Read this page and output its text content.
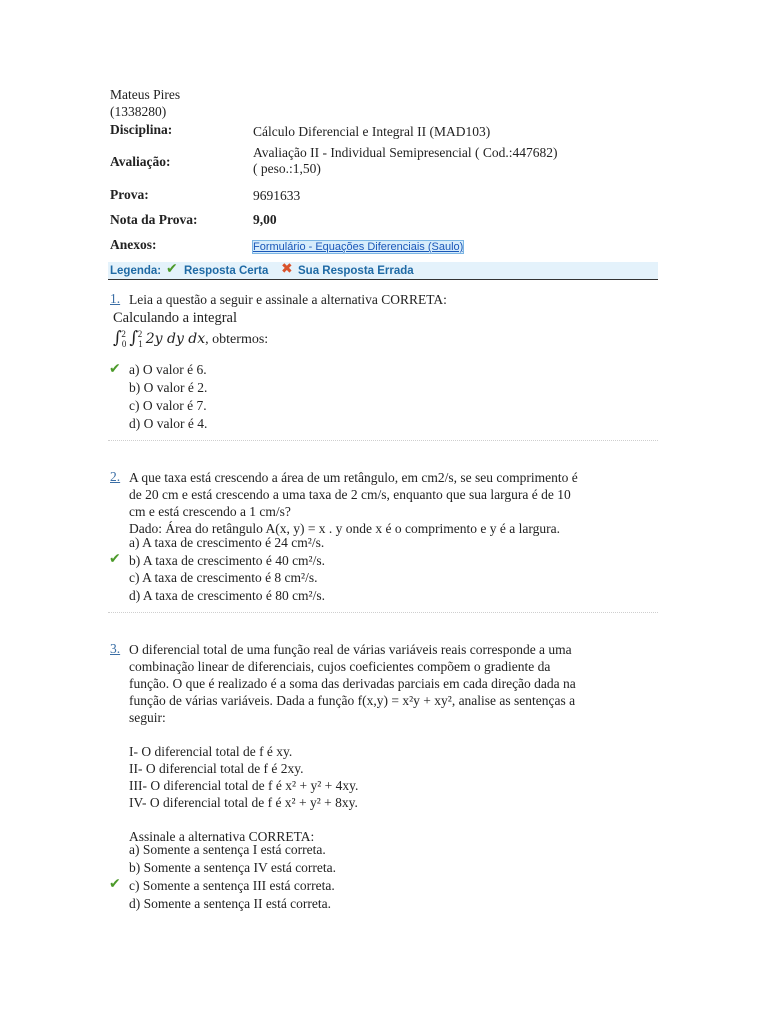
Mateus Pires
(1338280)
Disciplina:	Cálculo Diferencial e Integral II (MAD103)
Avaliação:
Avaliação II - Individual Semipresencial ( Cod.:447682)
( peso.:1,50)
Prova:	9691633
Nota da Prova:	9,00
Anexos:	Formulário - Equações Diferenciais (Saulo)
Legenda: ✔ Resposta Certa ✖ Sua Resposta Errada
1. Leia a questão a seguir e assinale a alternativa CORRETA:
Calculando a integral
$\int_0^2$ $\int_1^2$ 2y dy dx, obtermos:
✔ a) O valor é 6.
b) O valor é 2.
c) O valor é 7.
d) O valor é 4.
2. A que taxa está crescendo a área de um retângulo, em cm2/s, se seu comprimento é
de 20 cm e está crescendo a uma taxa de 2 cm/s, enquanto que sua largura é de 10
cm e está crescendo a 1 cm/s?
Dado: Área do retângulo A(x, y) = x . y onde x é o comprimento e y é a largura.
a) A taxa de crescimento é 24 cm²/s.
✔ b) A taxa de crescimento é 40 cm²/s.
c) A taxa de crescimento é 8 cm²/s.
d) A taxa de crescimento é 80 cm²/s.
3. O diferencial total de uma função real de várias variáveis reais corresponde a uma
combinação linear de diferenciais, cujos coeficientes compõem o gradiente da
função. O que é realizado é a soma das derivadas parciais em cada direção dada na
função de várias variáveis. Dada a função f(x,y) = x²y + xy², analise as sentenças a
seguir:
I- O diferencial total de f é xy.
II- O diferencial total de f é 2xy.
III- O diferencial total de f é x² + y² + 4xy.
IV- O diferencial total de f é x² + y² + 8xy.
Assinale a alternativa CORRETA:
a) Somente a sentença I está correta.
b) Somente a sentença IV está correta.
✔ c) Somente a sentença III está correta.
d) Somente a sentença II está correta.
